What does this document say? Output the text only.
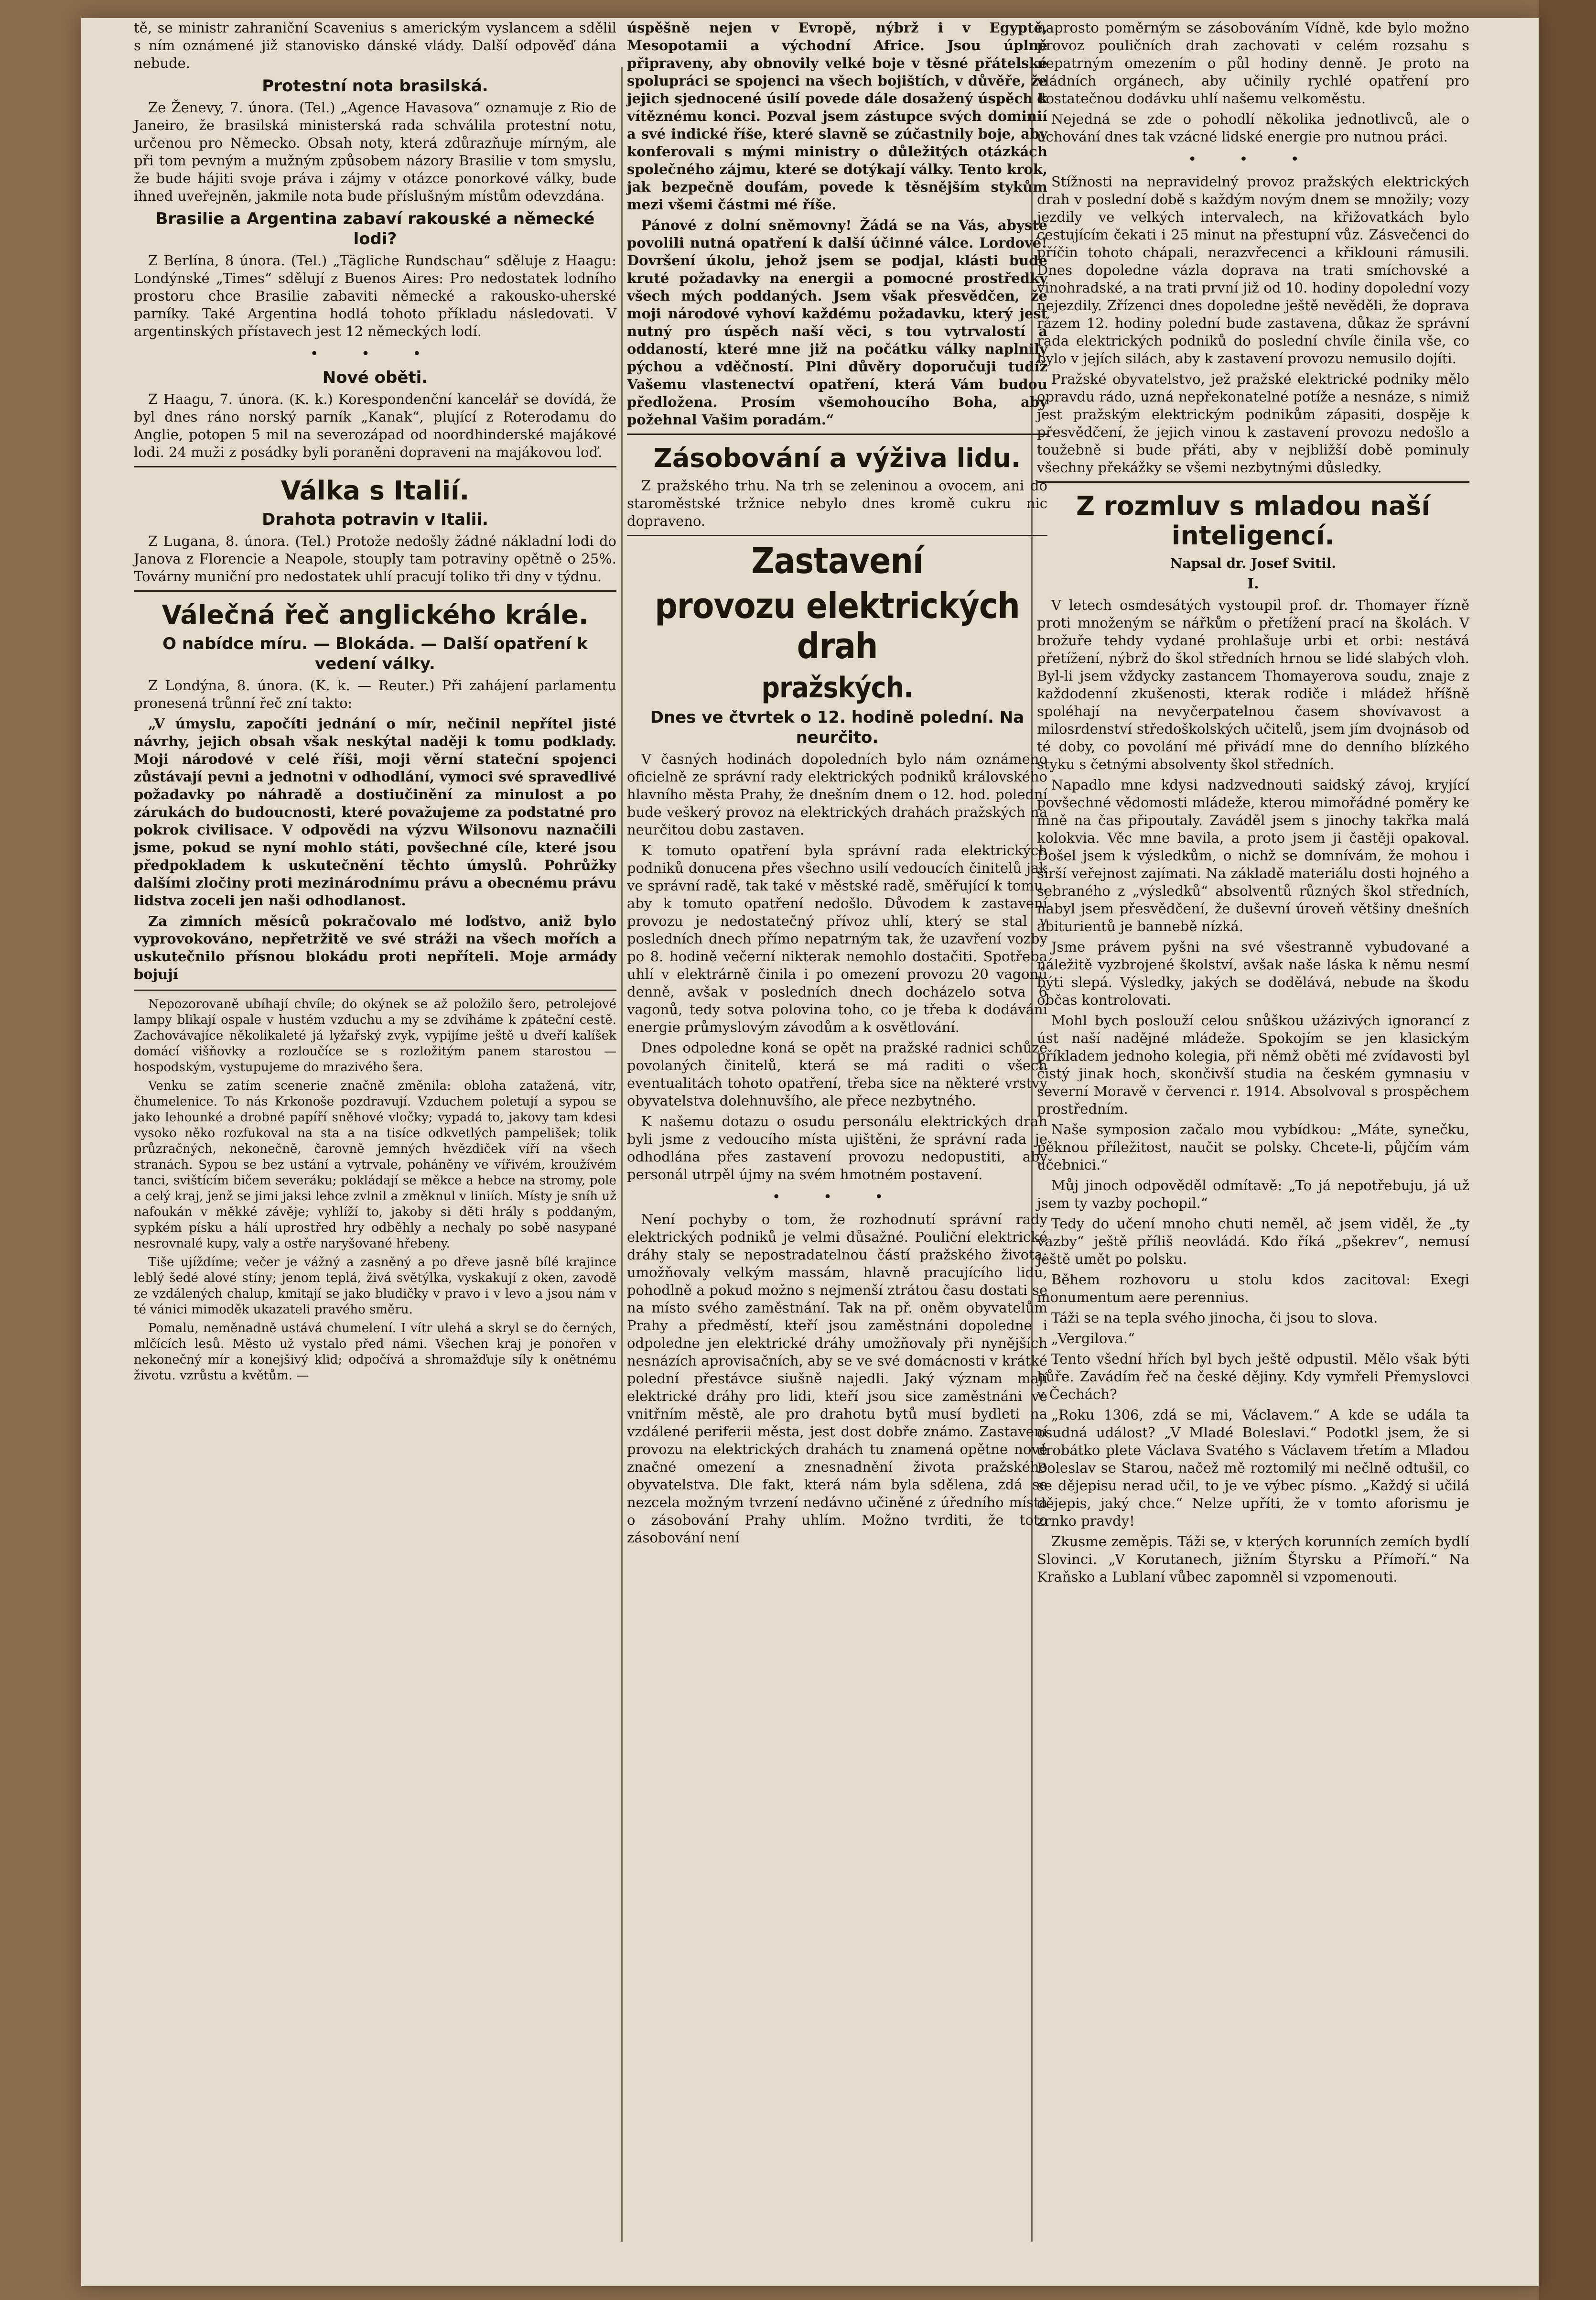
tě, se ministr zahraniční Scavenius s americkým vyslancem a sdělil s ním oznámené již stanovisko dánské vlády. Další odpověď dána nebude.

Protestní nota brasilská.

Ze Ženevy, 7. února. (Tel.) „Agence Havasova“ oznamuje z Rio de Janeiro, že brasilská ministerská rada schválila protestní notu, určenou pro Německo. Obsah noty, která zdůrazňuje mírným, ale při tom pevným a mužným způsobem názory Brasilie v tom smyslu, že bude hájiti svoje práva i zájmy v otázce ponorkové války, bude ihned uveřejněn, jakmile nota bude příslušným místům odevzdána.

Brasilie a Argentina zabaví rakouské a německé lodi?

Z Berlína, 8 února. (Tel.) „Tägliche Rundschau“ sděluje z Haagu: Londýnské „Times“ sdělují z Buenos Aires: Pro nedostatek lodního prostoru chce Brasilie zabaviti německé a rakousko-uherské parníky. Také Argentina hodlá tohoto příkladu následovati. V argentinských přístavech jest 12 německých lodí.

• • •
Nové oběti.

Z Haagu, 7. února. (K. k.) Korespondenční kancelář se dovídá, že byl dnes ráno norský parník „Kanak“, plující z Roterodamu do Anglie, potopen 5 mil na severozápad od noordhinderské majákové lodi. 24 muži z posádky byli poraněni dopraveni na majákovou loď.

Válka s Italií.
Drahota potravin v Italii.

Z Lugana, 8. února. (Tel.) Protože nedošly žádné nákladní lodi do Janova z Florencie a Neapole, stouply tam potraviny opětně o 25%. Továrny muniční pro nedostatek uhlí pracují toliko tři dny v týdnu.

Válečná řeč anglického krále.
O nabídce míru. — Blokáda. — Další opatření k vedení války.

Z Londýna, 8. února. (K. k. — Reuter.) Při zahájení parlamentu pronesená trůnní řeč zní takto:

„V úmyslu, započíti jednání o mír, nečinil nepřítel jisté návrhy, jejich obsah však neskýtal naději k tomu podklady. Moji národové v celé říši, moji věrní stateční spojenci zůstávají pevni a jednotni v odhodlání, vymoci své spravedlivé požadavky po náhradě a dostiučinění za minulost a po zárukách do budoucnosti, které považujeme za podstatné pro pokrok civilisace. V odpovědi na výzvu Wilsonovu naznačili jsme, pokud se nyní mohlo státi, povšechné cíle, které jsou předpokladem k uskutečnění těchto úmyslů. Pohrůžky dalšími zločiny proti mezinárodnímu právu a obecnému právu lidstva zoceli jen naši odhodlanost.

Za zimních měsíců pokračovalo mé loďstvo, aniž bylo vyprovokováno, nepřetržitě ve své stráži na všech mořích a uskutečnilo přísnou blokádu proti nepříteli. Moje armády bojují

Nepozorovaně ubíhají chvíle; do okýnek se až položilo šero, petrolejové lampy blikají ospale v hustém vzduchu a my se zdvíháme k zpáteční cestě. Zachovávajíce několikaleté já lyžařský zvyk, vypijíme ještě u dveří kalíšek domácí višňovky a rozloučíce se s rozložitým panem starostou — hospodským, vystupujeme do mrazivého šera.

Venku se zatím scenerie značně změnila: obloha zatažená, vítr, čhumelenice. To nás Krkonoše pozdravují. Vzduchem poletují a sypou se jako lehounké a drobné papíří sněhové vločky; vypadá to, jakovy tam kdesi vysoko něko rozfukoval na sta a na tisíce odkvetlých pampelišek; tolik průzračných, nekonečně, čarovně jemných hvězdiček víří na všech stranách. Sypou se bez ustání a vytrvale, poháněny ve vířivém, kroužívém tanci, svištícím bičem severáku; pokládají se měkce a hebce na stromy, pole a celý kraj, jenž se jimi jaksi lehce zvlnil a změknul v liniích. Místy je sníh už nafoukán v měkké závěje; vyhlíží to, jakoby si děti hrály s poddaným, sypkém písku a hálí uprostřed hry odběhly a nechaly po sobě nasypané nesrovnalé kupy, valy a ostře naryšované hřebeny.

Tiše ujíždíme; večer je vážný a zasněný a po dřeve jasně bílé krajince leblý šedé alové stíny; jenom teplá, živá světýlka, vyskakují z oken, zavodě ze vzdálených chalup, kmitají se jako bludičky v pravo i v levo a jsou nám v té vánici mimoděk ukazateli pravého směru.

Pomalu, neměnadně ustává chumelení. I vítr ulehá a skryl se do černých, mlčících lesů. Město už vystalo před námi. Všechen kraj je ponořen v nekonečný mír a konejšivý klid; odpočívá a shromažďuje síly k onětnému životu. vzrůstu a květům. —

úspěšně nejen v Evropě, nýbrž i v Egyptě, Mesopotamii a východní Africe. Jsou úplně připraveny, aby obnovily velké boje v těsné přátelské spolupráci se spojenci na všech bojištích, v důvěře, že jejich sjednocené úsilí povede dále dosažený úspěch k vítěznému konci. Pozval jsem zástupce svých dominií a své indické říše, které slavně se zúčastnily boje, aby konferovali s mými ministry o důležitých otázkách společného zájmu, které se dotýkají války. Tento krok, jak bezpečně doufám, povede k těsnějším stykům mezi všemi částmi mé říše.

Pánové z dolní sněmovny! Žádá se na Vás, abyste povolili nutná opatření k další účinné válce. Lordové! Dovršení úkolu, jehož jsem se podjal, klásti bude kruté požadavky na energii a pomocné prostředky všech mých poddaných. Jsem však přesvědčen, že moji národové vyhoví každému požadavku, který jest nutný pro úspěch naší věci, s tou vytrvalostí a oddaností, které mne již na počátku války naplnily pýchou a vděčností. Plni důvěry doporučuji tudíž Vašemu vlastenectví opatření, která Vám budou předložena. Prosím všemohoucího Boha, aby požehnal Vašim poradám.“

Zásobování a výživa lidu.

Z pražského trhu. Na trh se zeleninou a ovocem, ani do staroměstské tržnice nebylo dnes kromě cukru nic dopraveno.

Zastavení
provozu elektrických drah
pražských.
Dnes ve čtvrtek o 12. hodině polední. Na neurčito.

V časných hodinách dopoledních bylo nám oznámeno oficielně ze správní rady elektrických podniků královského hlavního města Prahy, že dnešním dnem o 12. hod. polední bude veškerý provoz na elektrických drahách pražských na neurčitou dobu zastaven.

K tomuto opatření byla správní rada elektrických podniků donucena přes všechno usilí vedoucích činitelů jak ve správní radě, tak také v městské radě, směřující k tomu, aby k tomuto opatření nedošlo. Důvodem k zastavení provozu je nedostatečný přívoz uhlí, který se stal v posledních dnech přímo nepatrným tak, že uzavření vozby po 8. hodině večerní nikterak nemohlo dostačiti. Spotřeba uhlí v elektrárně činila i po omezení provozu 20 vagonů denně, avšak v posledních dnech docházelo sotva 6 vagonů, tedy sotva polovina toho, co je třeba k dodávání energie průmyslovým závodům a k osvětlování.

Dnes odpoledne koná se opět na pražské radnici schůze povolaných činitelů, která se má raditi o všech eventualitách tohoto opatření, třeba sice na některé vrstvy obyvatelstva dolehnuvšího, ale přece nezbytného.

K našemu dotazu o osudu personálu elektrických drah byli jsme z vedoucího místa ujištěni, že správní rada je odhodlána přes zastavení provozu nedopustiti, aby personál utrpěl újmy na svém hmotném postavení.

• • •

Není pochyby o tom, že rozhodnutí správní rady elektrických podniků je velmi důsažné. Pouliční elektrické dráhy staly se nepostradatelnou částí pražského života; umožňovaly velkým massám, hlavně pracujícího lidu, pohodlně a pokud možno s nejmenší ztrátou času dostati se na místo svého zaměstnání. Tak na př. oněm obyvatelům Prahy a předměstí, kteří jsou zaměstnáni dopoledne i odpoledne jen elektrické dráhy umožňovaly při nynějších nesnázích aprovisačních, aby se ve své domácnosti v krátké polední přestávce siušně najedli. Jaký význam mají elektrické dráhy pro lidi, kteří jsou sice zaměstnáni ve vnitřním městě, ale pro drahotu bytů musí bydleti na vzdálené periferii města, jest dost dobře známo. Zastavení provozu na elektrických drahách tu znamená opětne nové značné omezení a znesnadnění života pražského obyvatelstva. Dle fakt, která nám byla sdělena, zdá se nezcela možným tvrzení nedávno učiněné z úředního místa o zásobování Prahy uhlím. Možno tvrditi, že toto zásobování není

naprosto poměrným se zásobováním Vídně, kde bylo možno provoz pouličních drah zachovati v celém rozsahu s nepatrným omezením o půl hodiny denně. Je proto na vládních orgánech, aby učinily rychlé opatření pro dostatečnou dodávku uhlí našemu velkoměstu.

Nejedná se zde o pohodlí několika jednotlivců, ale o uchování dnes tak vzácné lidské energie pro nutnou práci.

• • •

Stížnosti na nepravidelný provoz pražských elektrických drah v poslední době s každým novým dnem se množily; vozy jezdily ve velkých intervalech, na křižovatkách bylo cestujícím čekati i 25 minut na přestupní vůz. Zásvečenci do příčin tohoto chápali, nerazvřecenci a křiklouni rámusili. Dnes dopoledne vázla doprava na trati smíchovské a vinohradské, a na trati první již od 10. hodiny dopolední vozy nejezdily. Zřízenci dnes dopoledne ještě nevěděli, že doprava rázem 12. hodiny polední bude zastavena, důkaz že správní rada elektrických podniků do poslední chvíle činila vše, co bylo v jejích silách, aby k zastavení provozu nemusilo dojíti.

Pražské obyvatelstvo, jež pražské elektrické podniky mělo opravdu rádo, uzná nepřekonatelné potíže a nesnáze, s nimiž jest pražským elektrickým podnikům zápasiti, dospěje k přesvědčení, že jejich vinou k zastavení provozu nedošlo a toužebně si bude přáti, aby v nejbližší době pominuly všechny překážky se všemi nezbytnými důsledky.

Z rozmluv s mladou naší inteligencí.
Napsal dr. Josef Svitil.
I.

V letech osmdesátých vystoupil prof. dr. Thomayer řízně proti množeným se nářkům o přetížení prací na školách. V brožuře tehdy vydané prohlašuje urbi et orbi: nestává přetížení, nýbrž do škol středních hrnou se lidé slabých vloh. Byl-li jsem vždycky zastancem Thomayerova soudu, znaje z každodenní zkušenosti, kterak rodiče i mládež hříšně spoléhají na nevyčerpatelnou časem shovívavost a milosrdenství středoškolských učitelů, jsem jím dvojnásob od té doby, co povolání mé přivádí mne do denního blízkého styku s četnými absolventy škol středních.

Napadlo mne kdysi nadzvednouti saidský závoj, kryjící povšechné vědomosti mládeže, kterou mimořádné poměry ke mně na čas připoutaly. Zaváděl jsem s jinochy takřka malá kolokvia. Věc mne bavila, a proto jsem ji častěji opakoval. Došel jsem k výsledkům, o nichž se domnívám, že mohou i širší veřejnost zajímati. Na základě materiálu dosti hojného a sebraného z „výsledků“ absolventů různých škol středních, nabyl jsem přesvědčení, že duševní úroveň většiny dnešních abiturientů je bannebě nízká.

Jsme právem pyšni na své všestranně vybudované a náležitě vyzbrojené školství, avšak naše láska k němu nesmí býti slepá. Výsledky, jakých se dodělává, nebude na škodu občas kontrolovati.

Mohl bych poslouží celou snůškou užázivých ignorancí z úst naší nadějné mládeže. Spokojím se jen klasickým příkladem jednoho kolegia, při němž oběti mé zvídavosti byl čistý jinak hoch, skončivší studia na českém gymnasiu v severní Moravě v červenci r. 1914. Absolvoval s prospěchem prostředním.

Naše symposion začalo mou vybídkou: „Máte, synečku, pěknou příležitost, naučit se polsky. Chcete-li, půjčím vám učebnici.“

Můj jinoch odpověděl odmítavě: „To já nepotřebuju, já už jsem ty vazby pochopil.“

Tedy do učení mnoho chuti neměl, ač jsem viděl, že „ty vazby“ ještě příliš neovládá. Kdo říká „pšekrev“, nemusí ještě umět po polsku.

Během rozhovoru u stolu kdos zacitoval: Exegi monumentum aere perennius.

Táži se na tepla svého jinocha, či jsou to slova.

„Vergilova.“

Tento všední hřích byl bych ještě odpustil. Mělo však býti hůře. Zavádím řeč na české dějiny. Kdy vymřeli Přemyslovci v Čechách?

„Roku 1306, zdá se mi, Václavem.“ A kde se udála ta osudná událost? „V Mladé Boleslavi.“ Podotkl jsem, že si drobátko plete Václava Svatého s Václavem třetím a Mladou Boleslav se Starou, načež mě roztomilý mi nečlně odtušil, co se dějepisu nerad učil, to je ve výbec písmo. „Každý si učilá dějepis, jaký chce.“ Nelze upříti, že v tomto aforismu je zrnko pravdy!

Zkusme zeměpis. Táži se, v kterých korunních zemích bydlí Slovinci. „V Korutanech, jižním Štyrsku a Přímoří.“ Na Kraňsko a Lublaní vůbec zapomněl si vzpomenouti.
